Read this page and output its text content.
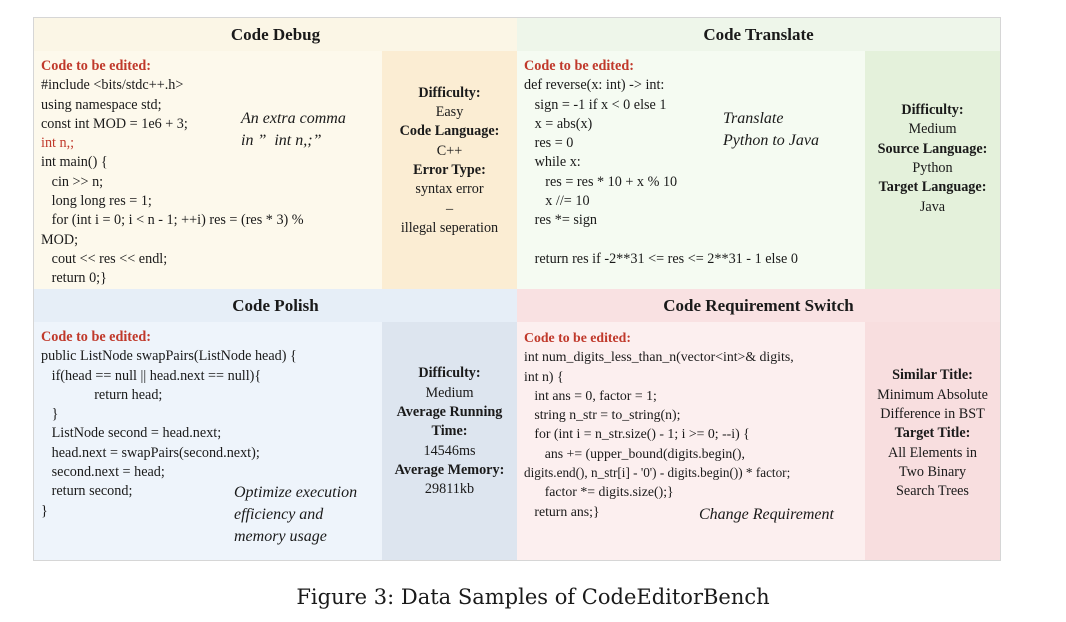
Code Debug
Code to be edited:
#include <bits/stdc++.h>
using namespace std;
const int MOD = 1e6 + 3;
int n,;
int main() {
cin >> n;
long long res = 1;
for (int i = 0; i < n - 1; ++i) res = (res * 3) %
MOD;
cout << res << endl;
return 0;}
An extra comma
in ”  int n,;”
Difficulty:
Easy
Code Language:
C++
Error Type:
syntax error
–
illegal seperation
Code Translate
Code to be edited:
def reverse(x: int) -> int:
sign = -1 if x < 0 else 1
x = abs(x)
res = 0
while x:
res = res * 10 + x % 10
x //= 10
res *= sign
return res if -2**31 <= res <= 2**31 - 1 else 0
Translate
Python to Java
Difficulty:
Medium
Source Language:
Python
Target Language:
Java
Code Polish
Code to be edited:
public ListNode swapPairs(ListNode head) {
if(head == null || head.next == null){
return head;
}
ListNode second = head.next;
head.next = swapPairs(second.next);
second.next = head;
return second;
}
Optimize execution
efficiency and
memory usage
Difficulty:
Medium
Average Running Time:
14546ms
Average Memory:
29811kb
Code Requirement Switch
Code to be edited:
int num_digits_less_than_n(vector<int>& digits,
int n) {
int ans = 0, factor = 1;
string n_str = to_string(n);
for (int i = n_str.size() - 1; i >= 0; --i) {
ans += (upper_bound(digits.begin(),
digits.end(), n_str[i] - '0') - digits.begin()) * factor;
factor *= digits.size();}
return ans;}	Change Requirement
Similar Title:
Minimum Absolute Difference in BST
Target Title:
All Elements in Two Binary Search Trees
Figure 3: Data Samples of CodeEditorBench
